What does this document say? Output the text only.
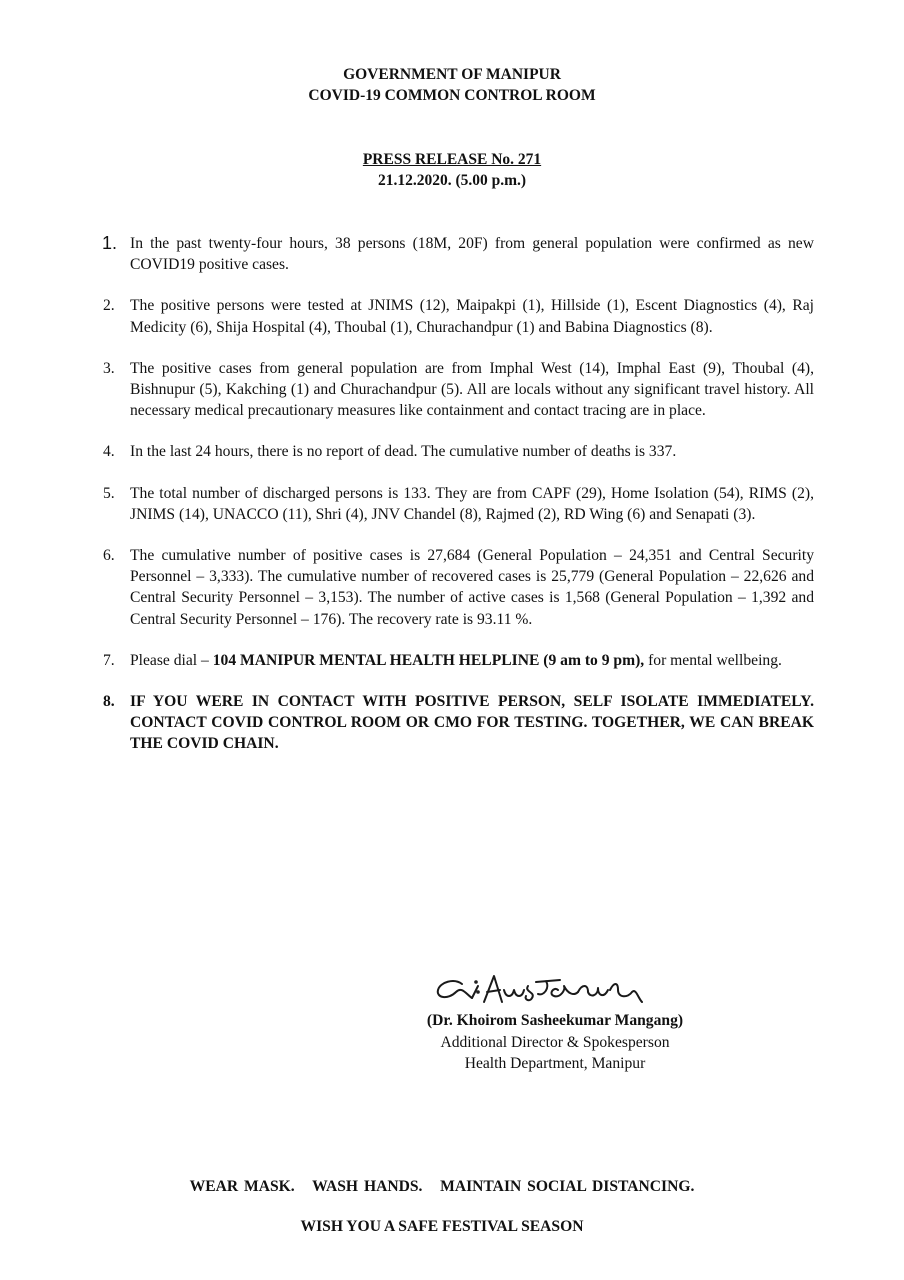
GOVERNMENT OF MANIPUR
COVID-19 COMMON CONTROL ROOM
PRESS RELEASE No. 271
21.12.2020. (5.00 p.m.)
1. In the past twenty-four hours, 38 persons (18M, 20F) from general population were confirmed as new COVID19 positive cases.
2. The positive persons were tested at JNIMS (12), Maipakpi (1), Hillside (1), Escent Diagnostics (4), Raj Medicity (6), Shija Hospital (4), Thoubal (1), Churachandpur (1) and Babina Diagnostics (8).
3. The positive cases from general population are from Imphal West (14), Imphal East (9), Thoubal (4), Bishnupur (5), Kakching (1) and Churachandpur (5). All are locals without any significant travel history. All necessary medical precautionary measures like containment and contact tracing are in place.
4. In the last 24 hours, there is no report of dead. The cumulative number of deaths is 337.
5. The total number of discharged persons is 133. They are from CAPF (29), Home Isolation (54), RIMS (2), JNIMS (14), UNACCO (11), Shri (4), JNV Chandel (8), Rajmed (2), RD Wing (6) and Senapati (3).
6. The cumulative number of positive cases is 27,684 (General Population – 24,351 and Central Security Personnel – 3,333). The cumulative number of recovered cases is 25,779 (General Population – 22,626 and Central Security Personnel – 3,153). The number of active cases is 1,568 (General Population – 1,392 and Central Security Personnel – 176). The recovery rate is 93.11 %.
7. Please dial – 104 MANIPUR MENTAL HEALTH HELPLINE (9 am to 9 pm), for mental wellbeing.
8. IF YOU WERE IN CONTACT WITH POSITIVE PERSON, SELF ISOLATE IMMEDIATELY. CONTACT COVID CONTROL ROOM OR CMO FOR TESTING. TOGETHER, WE CAN BREAK THE COVID CHAIN.
(Dr. Khoirom Sasheekumar Mangang)
Additional Director & Spokesperson
Health Department, Manipur
WEAR MASK.   WASH HANDS.   MAINTAIN SOCIAL DISTANCING.
WISH YOU A SAFE FESTIVAL SEASON
